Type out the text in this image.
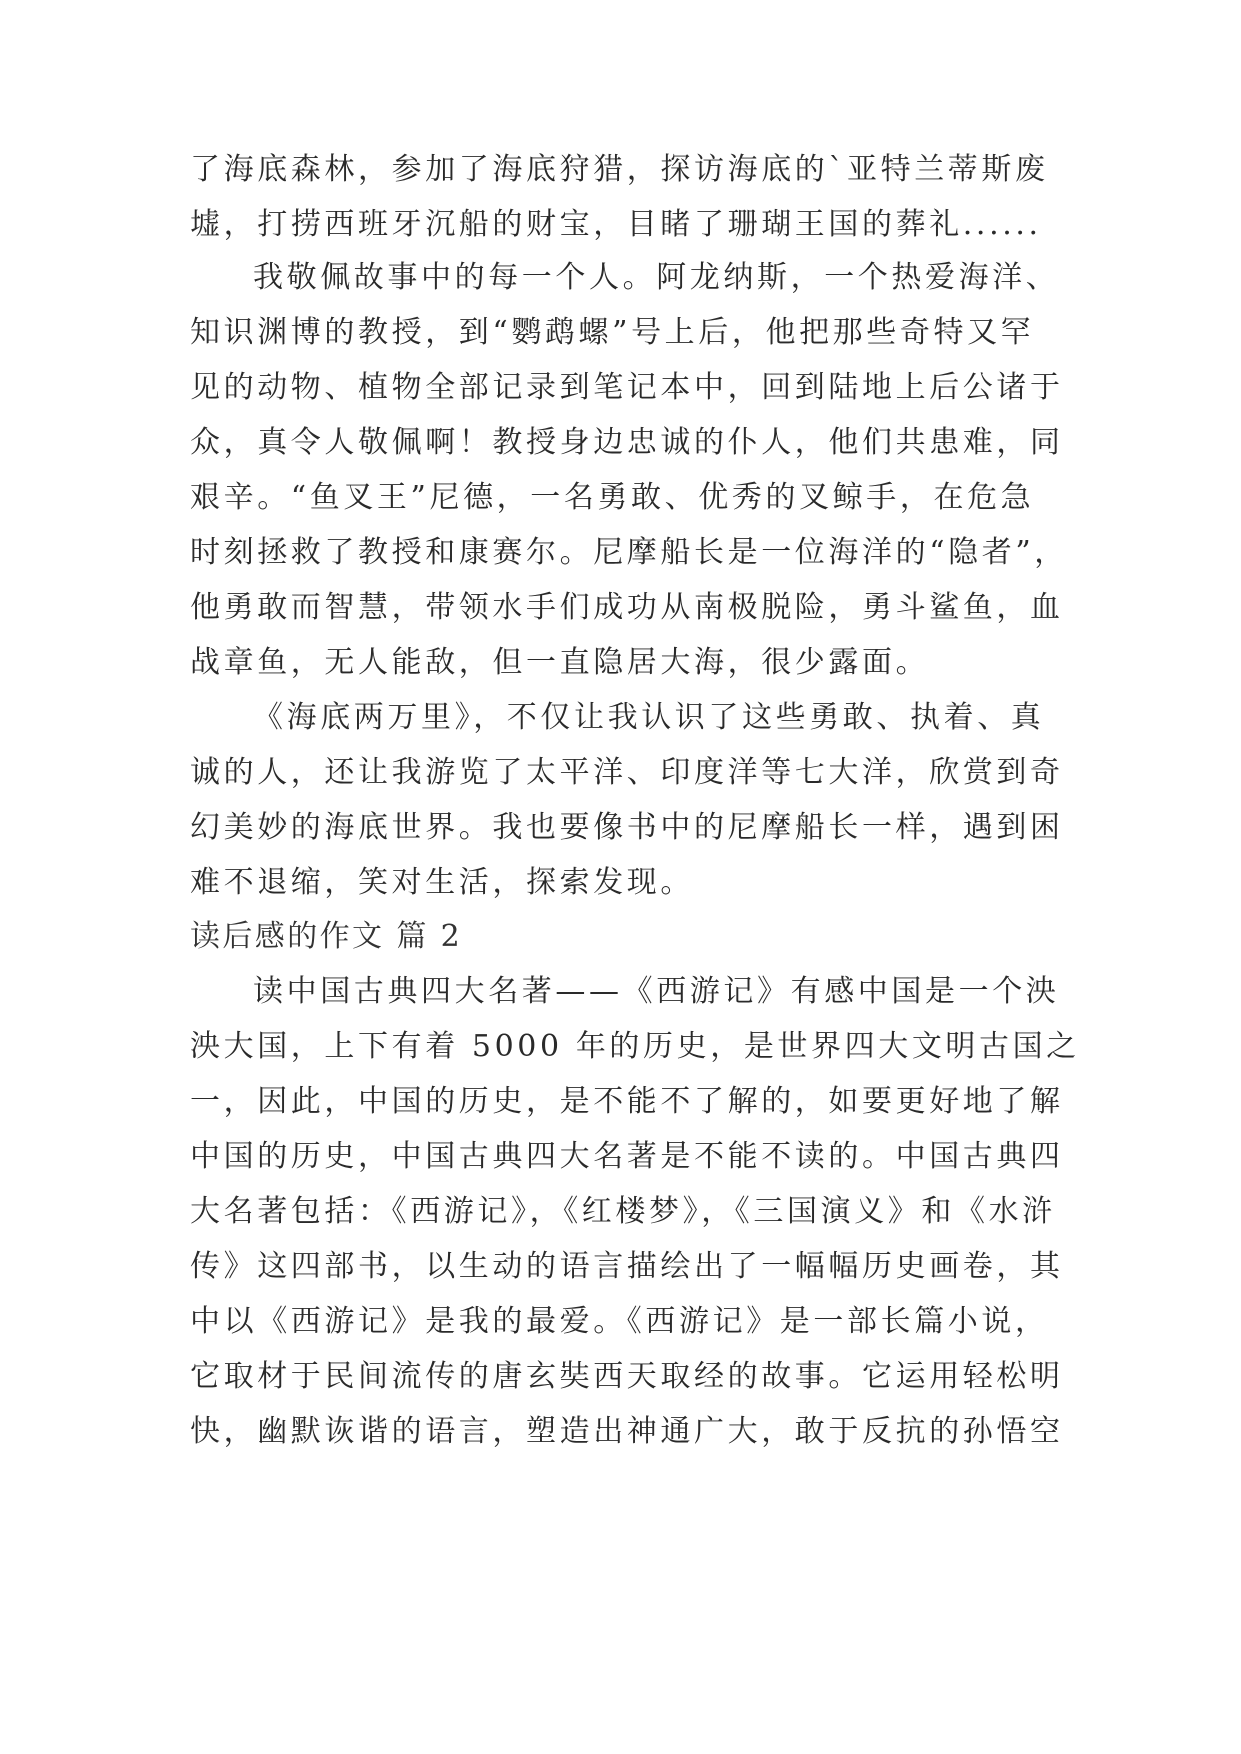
了海底森林，参加了海底狩猎，探访海底的`亚特兰蒂斯废
墟，打捞西班牙沉船的财宝，目睹了珊瑚王国的葬礼......
我敬佩故事中的每一个人。阿龙纳斯，一个热爱海洋、
知识渊博的教授，到“鹦鹉螺”号上后，他把那些奇特又罕
见的动物、植物全部记录到笔记本中，回到陆地上后公诸于
众，真令人敬佩啊！教授身边忠诚的仆人，他们共患难，同
艰辛。“鱼叉王”尼德，一名勇敢、优秀的叉鲸手，在危急
时刻拯救了教授和康赛尔。尼摩船长是一位海洋的“隐者”，
他勇敢而智慧，带领水手们成功从南极脱险，勇斗鲨鱼，血
战章鱼，无人能敌，但一直隐居大海，很少露面。
《海底两万里》，不仅让我认识了这些勇敢、执着、真
诚的人，还让我游览了太平洋、印度洋等七大洋，欣赏到奇
幻美妙的海底世界。我也要像书中的尼摩船长一样，遇到困
难不退缩，笑对生活，探索发现。
读后感的作文 篇 2
读中国古典四大名著——《西游记》有感中国是一个泱
泱大国，上下有着 5000 年的历史，是世界四大文明古国之
一，因此，中国的历史，是不能不了解的，如要更好地了解
中国的历史，中国古典四大名著是不能不读的。中国古典四
大名著包括：《西游记》，《红楼梦》，《三国演义》和《水浒
传》这四部书，以生动的语言描绘出了一幅幅历史画卷，其
中以《西游记》是我的最爱。《西游记》是一部长篇小说，
它取材于民间流传的唐玄奘西天取经的故事。它运用轻松明
快，幽默诙谐的语言，塑造出神通广大，敢于反抗的孙悟空
